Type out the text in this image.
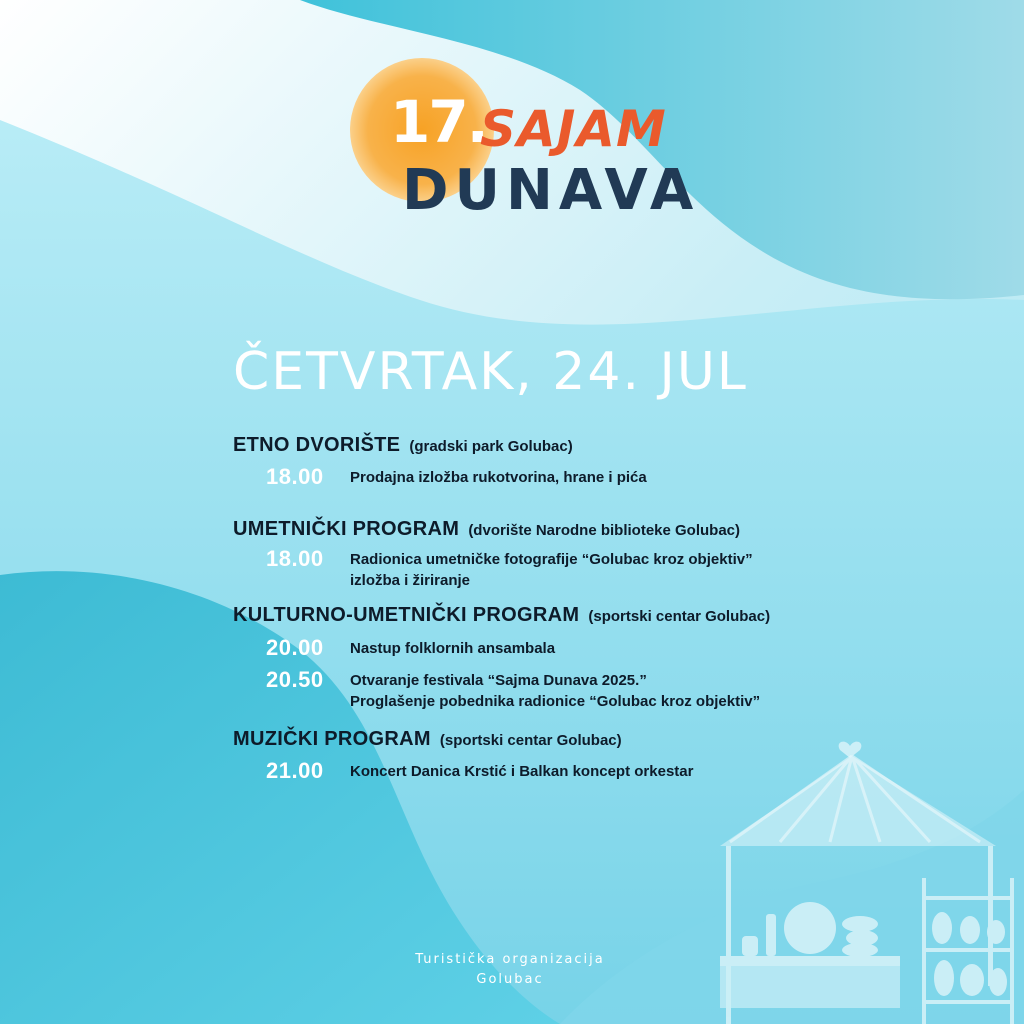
17.
SAJAM
DUNAVA
ČETVRTAK, 24. JUL
ETNO DVORIŠTE (gradski park Golubac)
18.00	Prodajna izložba rukotvorina, hrane i pića
UMETNIČKI PROGRAM (dvorište Narodne biblioteke Golubac)
18.00	Radionica umetničke fotografije “Golubac kroz objektiv”
izložba i žiriranje
KULTURNO-UMETNIČKI PROGRAM (sportski centar Golubac)
20.00	Nastup folklornih ansambala
20.50	Otvaranje festivala “Sajma Dunava 2025.”
Proglašenje pobednika radionice “Golubac kroz objektiv”
MUZIČKI PROGRAM (sportski centar Golubac)
21.00	Koncert Danica Krstić i Balkan koncept orkestar
Turistička organizacija
Golubac
